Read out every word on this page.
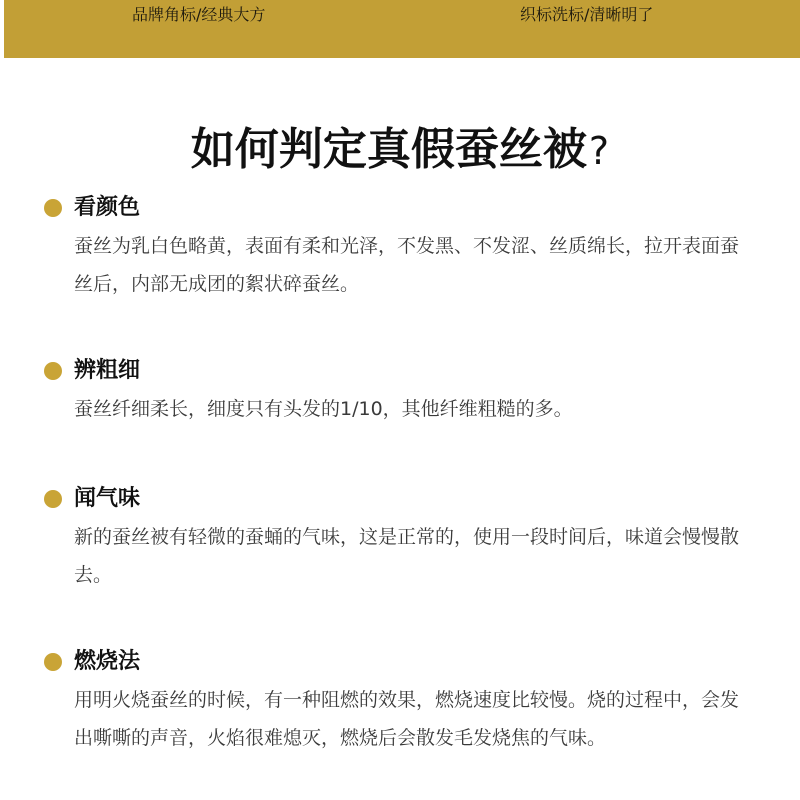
品牌角标/经典大方	织标洗标/清晰明了
如何判定真假蚕丝被?
看颜色
蚕丝为乳白色略黄，表面有柔和光泽，不发黑、不发涩、丝质绵长，拉开表面蚕丝后，内部无成团的絮状碎蚕丝。
辨粗细
蚕丝纤细柔长，细度只有头发的1/10，其他纤维粗糙的多。
闻气味
新的蚕丝被有轻微的蚕蛹的气味，这是正常的，使用一段时间后，味道会慢慢散去。
燃烧法
用明火烧蚕丝的时候，有一种阻燃的效果，燃烧速度比较慢。烧的过程中，会发出嘶嘶的声音，火焰很难熄灭，燃烧后会散发毛发烧焦的气味。
